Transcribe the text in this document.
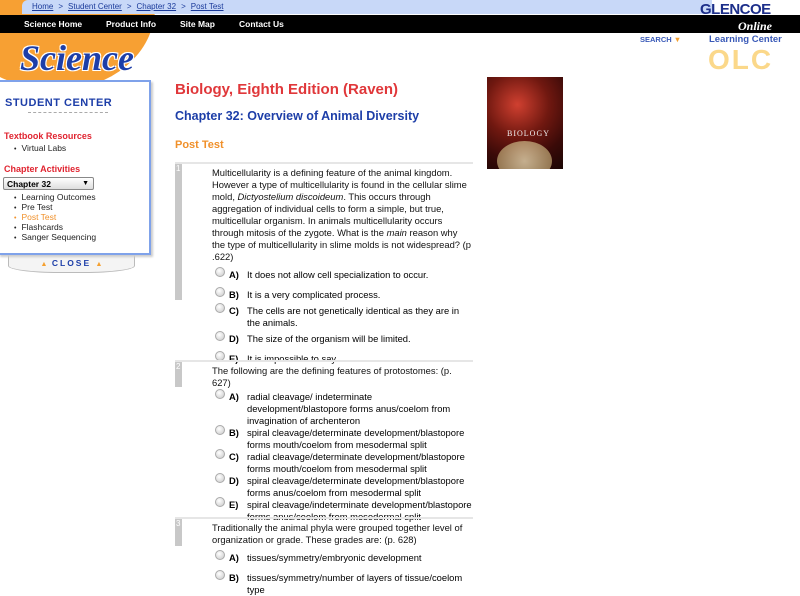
Home > Student Center > Chapter 32 > Post Test
Science Home	Product Info	Site Map	Contact Us
Science
GLENCOE
Online
Learning Center
OLC
SEARCH ▼
STUDENT CENTER
Textbook Resources
• Virtual Labs
Chapter Activities
Chapter 32	▼
• Learning Outcomes
• Pre Test
• Post Test
• Flashcards
• Sanger Sequencing
▲ CLOSE ▲
Biology, Eighth Edition (Raven)
Chapter 32: Overview of Animal Diversity
Post Test
BIOLOGY
1	Multicellularity is a defining feature of the animal kingdom. However a type of multicellularity is found in the cellular slime mold, Dictyostelium discoideum. This occurs through aggregation of individual cells to form a simple, but true, multicellular organism. In animals multicellularity occurs through mitosis of the zygote. What is the main reason why the type of multicellularity in slime molds is not widespread? (p .622)
A) It does not allow cell specialization to occur.
B) It is a very complicated process.
C) The cells are not genetically identical as they are in the animals.
D) The size of the organism will be limited.
E) It is impossible to say.
2	The following are the defining features of protostomes: (p. 627)
A) radial cleavage/ indeterminate development/blastopore forms anus/coelom from invagination of archenteron
B) spiral cleavage/determinate development/blastopore forms mouth/coelom from mesodermal split
C) radial cleavage/determinate development/blastopore forms mouth/coelom from mesodermal split
D) spiral cleavage/determinate development/blastopore forms anus/coelom from mesodermal split
E) spiral cleavage/indeterminate development/blastopore forms anus/coelom from mesodermal split
3	Traditionally the animal phyla were grouped together level of organization or grade. These grades are: (p. 628)
A) tissues/symmetry/embryonic development
B) tissues/symmetry/number of layers of tissue/coelom type
